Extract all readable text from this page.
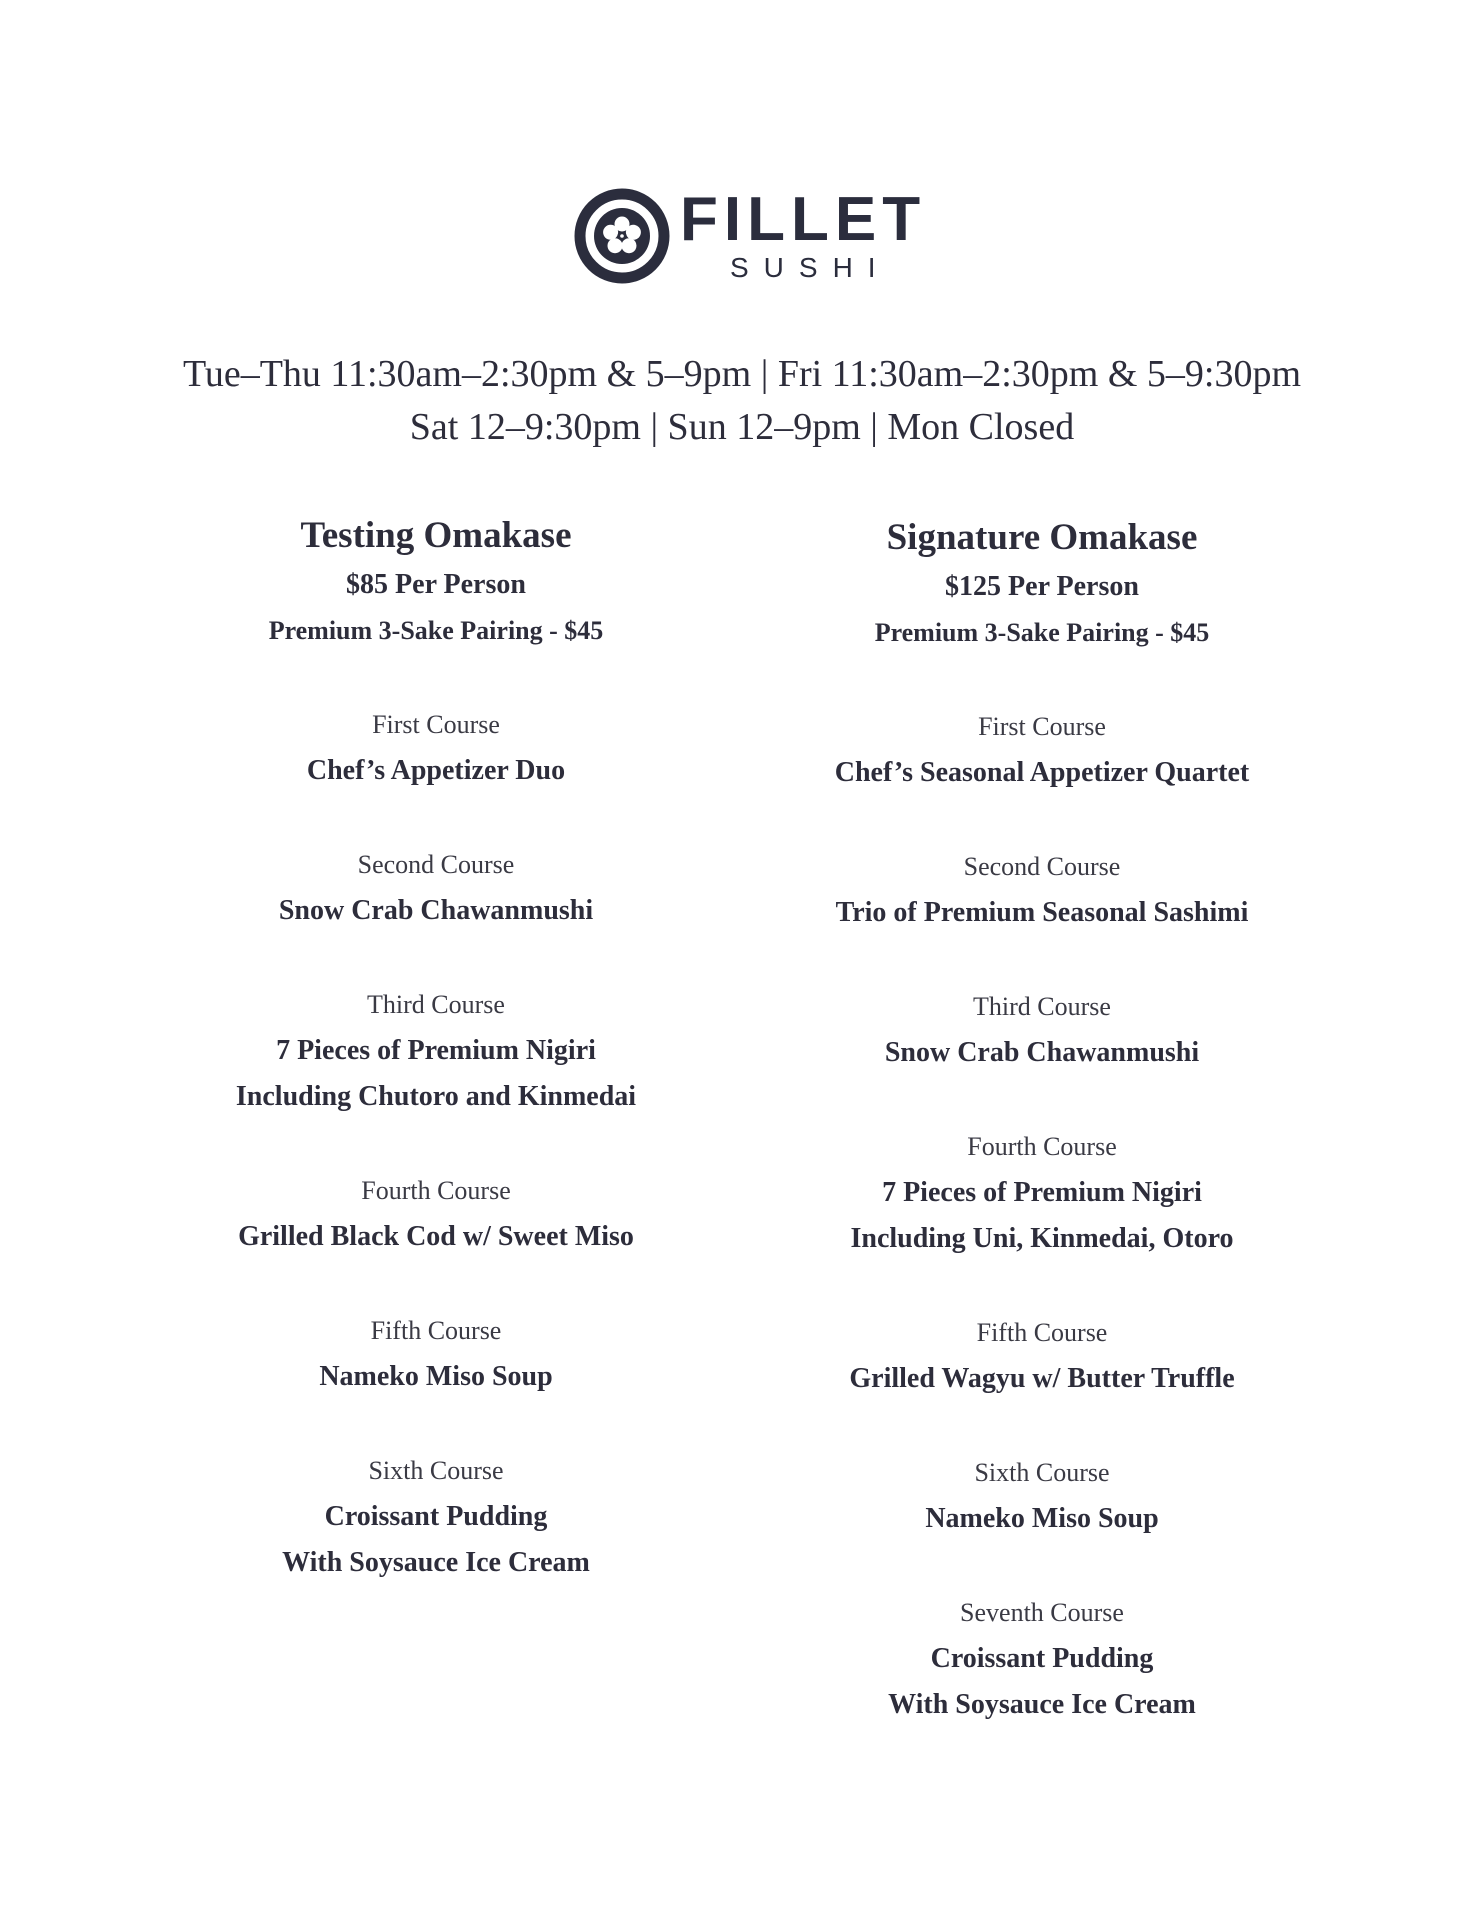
FILLET
SUSHI
Tue–Thu 11:30am–2:30pm & 5–9pm | Fri 11:30am–2:30pm & 5–9:30pm
Sat 12–9:30pm | Sun 12–9pm | Mon Closed
Testing Omakase
$85 Per Person
Premium 3-Sake Pairing - $45
First Course
Chef’s Appetizer Duo
Second Course
Snow Crab Chawanmushi
Third Course
7 Pieces of Premium Nigiri
Including Chutoro and Kinmedai
Fourth Course
Grilled Black Cod w/ Sweet Miso
Fifth Course
Nameko Miso Soup
Sixth Course
Croissant Pudding
With Soysauce Ice Cream
Signature Omakase
$125 Per Person
Premium 3-Sake Pairing - $45
First Course
Chef’s Seasonal Appetizer Quartet
Second Course
Trio of Premium Seasonal Sashimi
Third Course
Snow Crab Chawanmushi
Fourth Course
7 Pieces of Premium Nigiri
Including Uni, Kinmedai, Otoro
Fifth Course
Grilled Wagyu w/ Butter Truffle
Sixth Course
Nameko Miso Soup
Seventh Course
Croissant Pudding
With Soysauce Ice Cream
